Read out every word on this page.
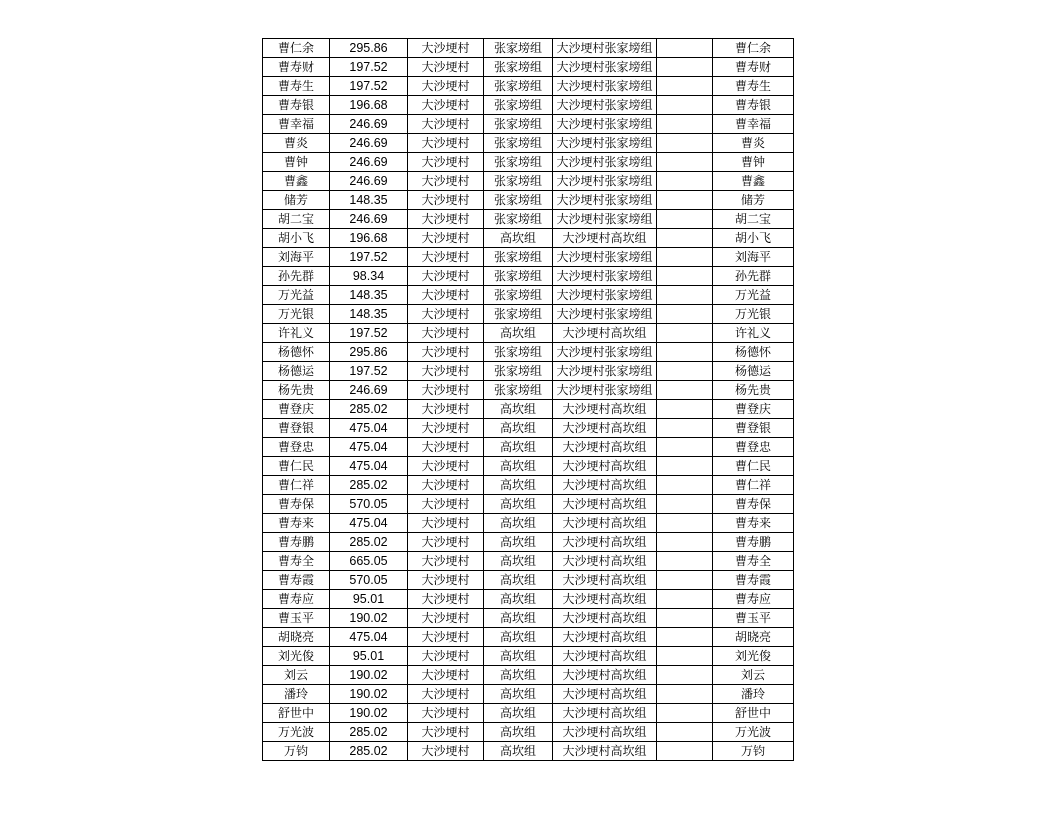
曹仁余	295.86	大沙埂村	张家塝组	大沙埂村张家塝组		曹仁余
曹寿财	197.52	大沙埂村	张家塝组	大沙埂村张家塝组		曹寿财
曹寿生	197.52	大沙埂村	张家塝组	大沙埂村张家塝组		曹寿生
曹寿银	196.68	大沙埂村	张家塝组	大沙埂村张家塝组		曹寿银
曹幸福	246.69	大沙埂村	张家塝组	大沙埂村张家塝组		曹幸福
曹炎	246.69	大沙埂村	张家塝组	大沙埂村张家塝组		曹炎
曹钟	246.69	大沙埂村	张家塝组	大沙埂村张家塝组		曹钟
曹鑫	246.69	大沙埂村	张家塝组	大沙埂村张家塝组		曹鑫
储芳	148.35	大沙埂村	张家塝组	大沙埂村张家塝组		储芳
胡二宝	246.69	大沙埂村	张家塝组	大沙埂村张家塝组		胡二宝
胡小飞	196.68	大沙埂村	高坎组	大沙埂村高坎组		胡小飞
刘海平	197.52	大沙埂村	张家塝组	大沙埂村张家塝组		刘海平
孙先群	98.34	大沙埂村	张家塝组	大沙埂村张家塝组		孙先群
万光益	148.35	大沙埂村	张家塝组	大沙埂村张家塝组		万光益
万光银	148.35	大沙埂村	张家塝组	大沙埂村张家塝组		万光银
许礼义	197.52	大沙埂村	高坎组	大沙埂村高坎组		许礼义
杨德怀	295.86	大沙埂村	张家塝组	大沙埂村张家塝组		杨德怀
杨德运	197.52	大沙埂村	张家塝组	大沙埂村张家塝组		杨德运
杨先贵	246.69	大沙埂村	张家塝组	大沙埂村张家塝组		杨先贵
曹登庆	285.02	大沙埂村	高坎组	大沙埂村高坎组		曹登庆
曹登银	475.04	大沙埂村	高坎组	大沙埂村高坎组		曹登银
曹登忠	475.04	大沙埂村	高坎组	大沙埂村高坎组		曹登忠
曹仁民	475.04	大沙埂村	高坎组	大沙埂村高坎组		曹仁民
曹仁祥	285.02	大沙埂村	高坎组	大沙埂村高坎组		曹仁祥
曹寿保	570.05	大沙埂村	高坎组	大沙埂村高坎组		曹寿保
曹寿来	475.04	大沙埂村	高坎组	大沙埂村高坎组		曹寿来
曹寿鹏	285.02	大沙埂村	高坎组	大沙埂村高坎组		曹寿鹏
曹寿全	665.05	大沙埂村	高坎组	大沙埂村高坎组		曹寿全
曹寿霞	570.05	大沙埂村	高坎组	大沙埂村高坎组		曹寿霞
曹寿应	95.01	大沙埂村	高坎组	大沙埂村高坎组		曹寿应
曹玉平	190.02	大沙埂村	高坎组	大沙埂村高坎组		曹玉平
胡晓亮	475.04	大沙埂村	高坎组	大沙埂村高坎组		胡晓亮
刘光俊	95.01	大沙埂村	高坎组	大沙埂村高坎组		刘光俊
刘云	190.02	大沙埂村	高坎组	大沙埂村高坎组		刘云
潘玲	190.02	大沙埂村	高坎组	大沙埂村高坎组		潘玲
舒世中	190.02	大沙埂村	高坎组	大沙埂村高坎组		舒世中
万光波	285.02	大沙埂村	高坎组	大沙埂村高坎组		万光波
万钧	285.02	大沙埂村	高坎组	大沙埂村高坎组		万钧
